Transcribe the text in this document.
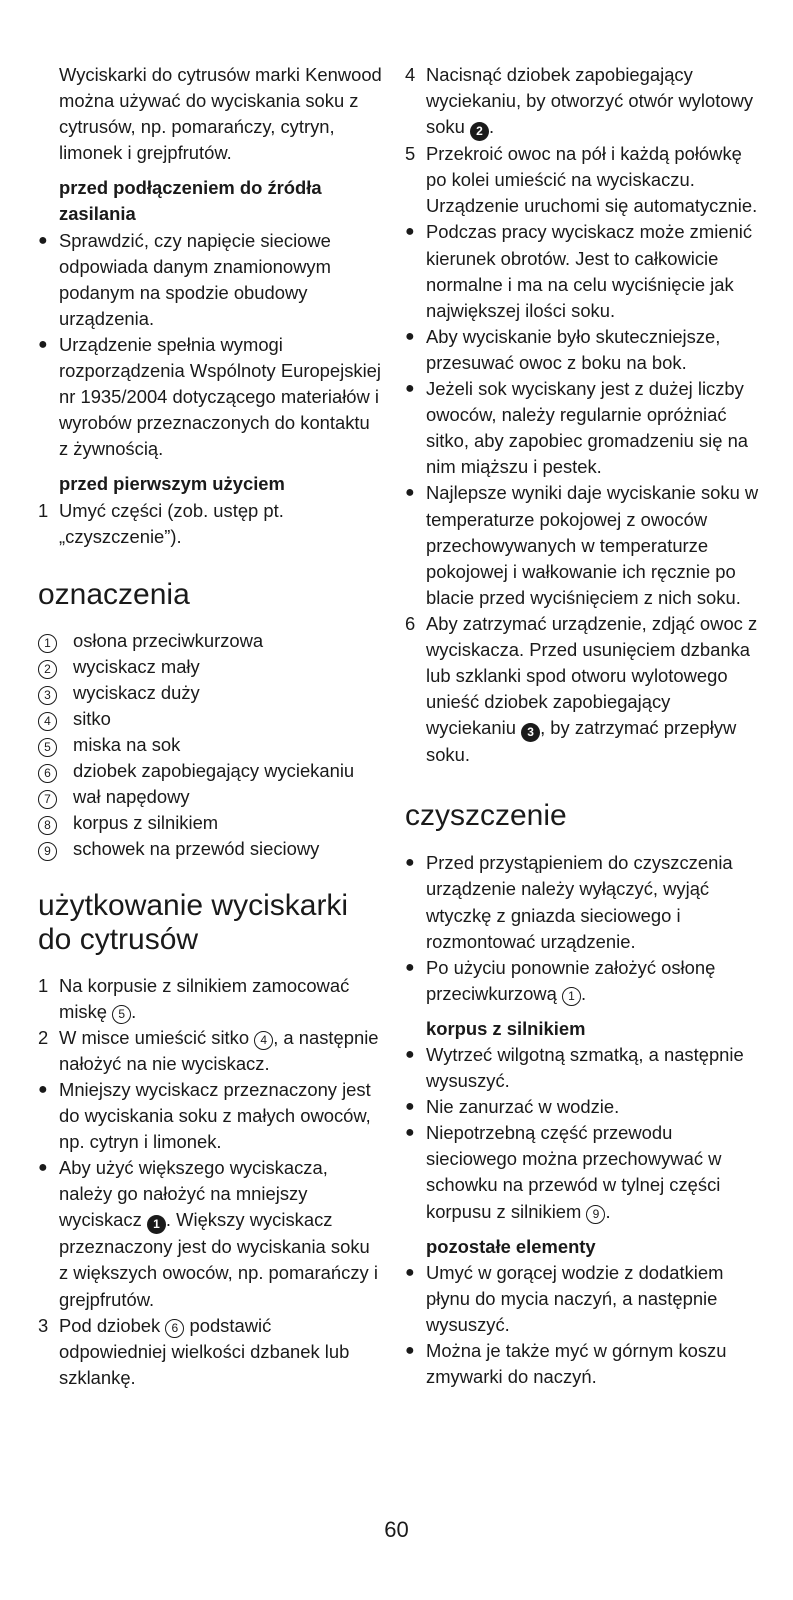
Wyciskarki do cytrusów marki Kenwood można używać do wyciskania soku z cytrusów, np. pomarańczy, cytryn, limonek i grejpfrutów.

przed podłączeniem do źródła zasilania

● Sprawdzić, czy napięcie sieciowe odpowiada danym znamionowym podanym na spodzie obudowy urządzenia.
● Urządzenie spełnia wymogi rozporządzenia Wspólnoty Europejskiej nr 1935/2004 dotyczącego materiałów i wyrobów przeznaczonych do kontaktu z żywnością.

przed pierwszym użyciem

1 Umyć części (zob. ustęp pt. „czyszczenie”).
oznaczenia
1	osłona przeciwkurzowa
2	wyciskacz mały
3	wyciskacz duży
4	sitko
5	miska na sok
6	dziobek zapobiegający wyciekaniu
7	wał napędowy
8	korpus z silnikiem
9	schowek na przewód sieciowy
użytkowanie wyciskarki do cytrusów
1 Na korpusie z silnikiem zamocować miskę 5 .
2 W misce umieścić sitko 4 , a następnie nałożyć na nie wyciskacz.
● Mniejszy wyciskacz przeznaczony jest do wyciskania soku z małych owoców, np. cytryn i limonek.
● Aby użyć większego wyciskacza, należy go nałożyć na mniejszy wyciskacz 1 . Większy wyciskacz przeznaczony jest do wyciskania soku z większych owoców, np. pomarańczy i grejpfrutów.
3 Pod dziobek 6 podstawić odpowiedniej wielkości dzbanek lub szklankę.
4 Nacisnąć dziobek zapobiegający wyciekaniu, by otworzyć otwór wylotowy soku 2 .
5 Przekroić owoc na pół i każdą połówkę po kolei umieścić na wyciskaczu. Urządzenie uruchomi się automatycznie.
● Podczas pracy wyciskacz może zmienić kierunek obrotów. Jest to całkowicie normalne i ma na celu wyciśnięcie jak największej ilości soku.
● Aby wyciskanie było skuteczniejsze, przesuwać owoc z boku na bok.
● Jeżeli sok wyciskany jest z dużej liczby owoców, należy regularnie opróżniać sitko, aby zapobiec gromadzeniu się na nim miąższu i pestek.
● Najlepsze wyniki daje wyciskanie soku w temperaturze pokojowej z owoców przechowywanych w temperaturze pokojowej i wałkowanie ich ręcznie po blacie przed wyciśnięciem z nich soku.
6 Aby zatrzymać urządzenie, zdjąć owoc z wyciskacza. Przed usunięciem dzbanka lub szklanki spod otworu wylotowego unieść dziobek zapobiegający wyciekaniu 3 , by zatrzymać przepływ soku.
czyszczenie
● Przed przystąpieniem do czyszczenia urządzenie należy wyłączyć, wyjąć wtyczkę z gniazda sieciowego i rozmontować urządzenie.
● Po użyciu ponownie założyć osłonę przeciwkurzową 1 .

korpus z silnikiem

● Wytrzeć wilgotną szmatką, a następnie wysuszyć.
● Nie zanurzać w wodzie.
● Niepotrzebną część przewodu sieciowego można przechowywać w schowku na przewód w tylnej części korpusu z silnikiem 9 .

pozostałe elementy

● Umyć w gorącej wodzie z dodatkiem płynu do mycia naczyń, a następnie wysuszyć.
● Można je także myć w górnym koszu zmywarki do naczyń.
60
